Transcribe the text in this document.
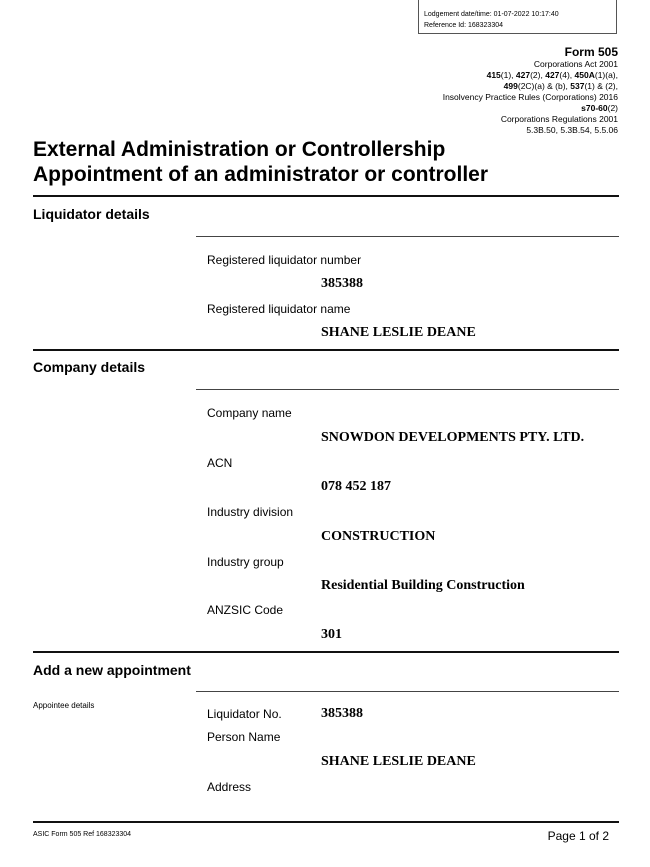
Lodgement date/time: 01-07-2022 10:17:40
Reference Id: 168323304
Form 505
Corporations Act 2001
415(1), 427(2), 427(4), 450A(1)(a),
499(2C)(a) & (b), 537(1) & (2),
Insolvency Practice Rules (Corporations) 2016
s70-60(2)
Corporations Regulations 2001
5.3B.50, 5.3B.54, 5.5.06
External Administration or Controllership
Appointment of an administrator or controller
Liquidator details
Registered liquidator number
385388
Registered liquidator name
SHANE LESLIE DEANE
Company details
Company name
SNOWDON DEVELOPMENTS PTY. LTD.
ACN
078 452 187
Industry division
CONSTRUCTION
Industry group
Residential Building Construction
ANZSIC Code
301
Add a new appointment
Appointee details
Liquidator No.	385388
Person Name
SHANE LESLIE DEANE
Address
ASIC Form 505 Ref 168323304	Page 1 of 2
